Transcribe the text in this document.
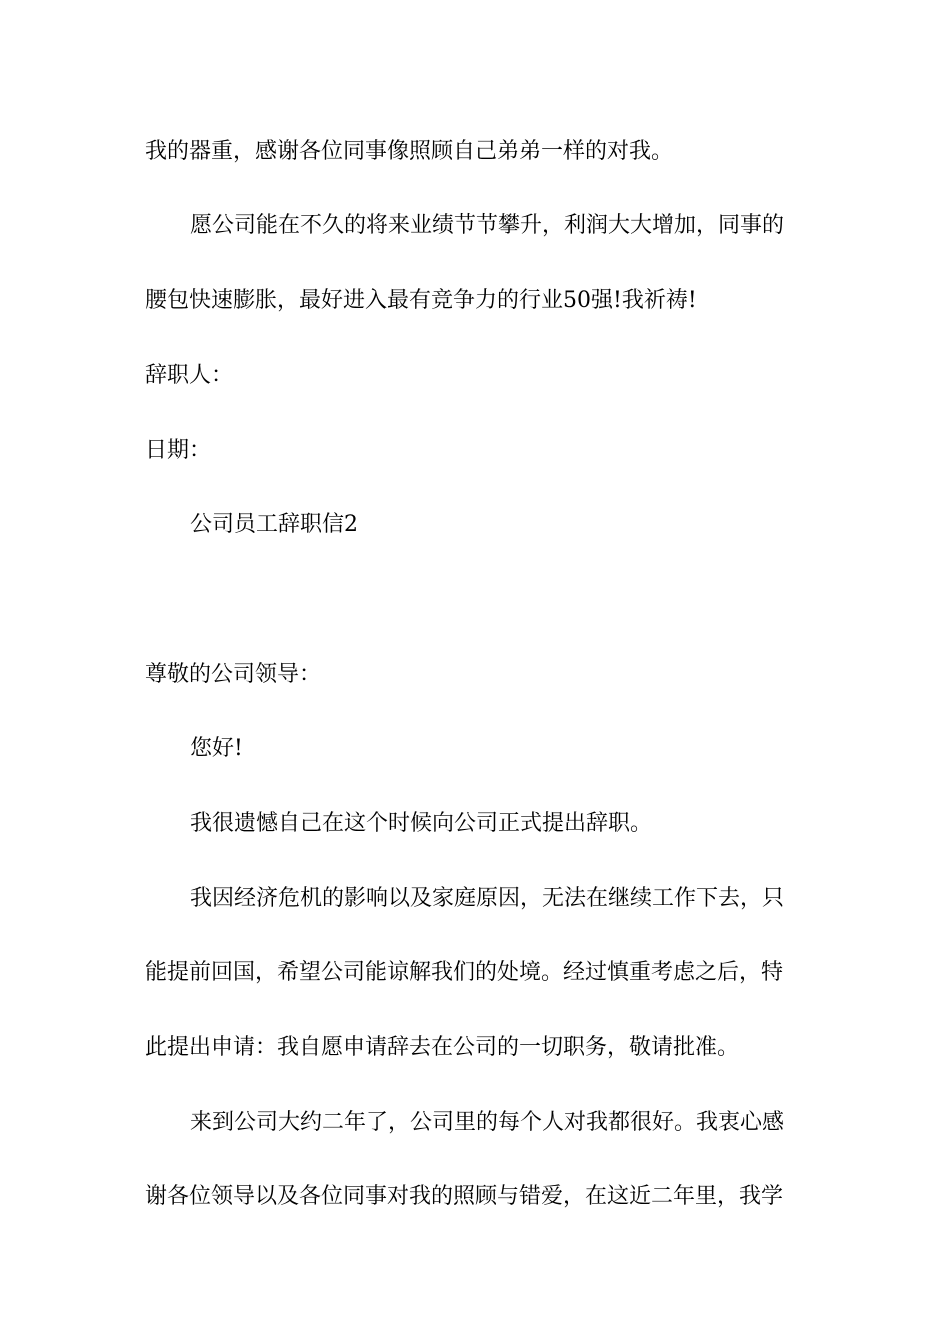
我的器重，感谢各位同事像照顾自己弟弟一样的对我。

愿公司能在不久的将来业绩节节攀升，利润大大增加，同事的

腰包快速膨胀，最好进入最有竞争力的行业50强!我祈祷!

辞职人：

日期：

公司员工辞职信2

尊敬的公司领导：

您好!

我很遗憾自己在这个时候向公司正式提出辞职。

我因经济危机的影响以及家庭原因，无法在继续工作下去，只

能提前回国，希望公司能谅解我们的处境。经过慎重考虑之后，特

此提出申请：我自愿申请辞去在公司的一切职务，敬请批准。

来到公司大约二年了，公司里的每个人对我都很好。我衷心感

谢各位领导以及各位同事对我的照顾与错爱，在这近二年里，我学
